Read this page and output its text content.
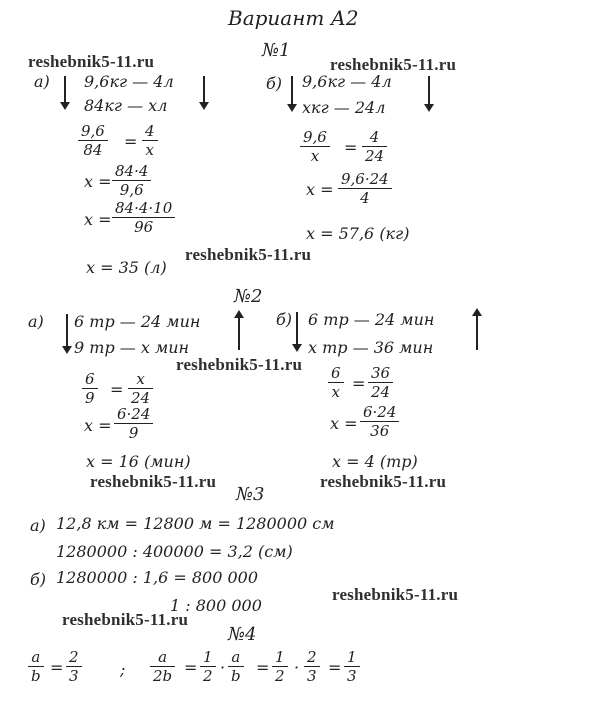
Вариант А2
reshebnik5-11.ru	reshebnik5-11.ru
reshebnik5-11.ru
reshebnik5-11.ru
reshebnik5-11.ru	reshebnik5-11.ru
reshebnik5-11.ru
reshebnik5-11.ru
№1
а) 9,6кг — 4л
84кг — хл
$\frac{9,6}{84}$ =
4
х
$х = \frac{84\cdot 4}{9,6}$
$х = \frac{84\cdot 4\cdot 10}{96}$
х = 35 (л)
б) 9,6кг — 4л
хкг — 24л
9,6
х	= $\frac{4}{24}$
$х = \frac{9,6\cdot 24}{4}$
х = 57,6 (кг)
№2
а) 6 тр — 24 мин
9 тр — х мин
$\frac{6}{9}$ =
х
24
$х = \frac{6\cdot 24}{9}$
х = 16 (мин)
б) 6 тр — 24 мин
х тр — 36 мин
6
$х = \frac{36}{24}$
$х = \frac{6\cdot 24}{36}$
х = 4 (тр)
№3
а) 12,8 км = 12800 м = 1280000 см
1280000 : 400000 = 3,2 (см)
б) 1280000 : 1,6 = 800 000
1 : 800 000
№4
а
$b = \frac{2}{3}$ ;
а
$2b = \frac{1}{2}$ ·
а
$b = \frac{1}{2} \cdot \frac{2}{3} = \frac{1}{3}$
